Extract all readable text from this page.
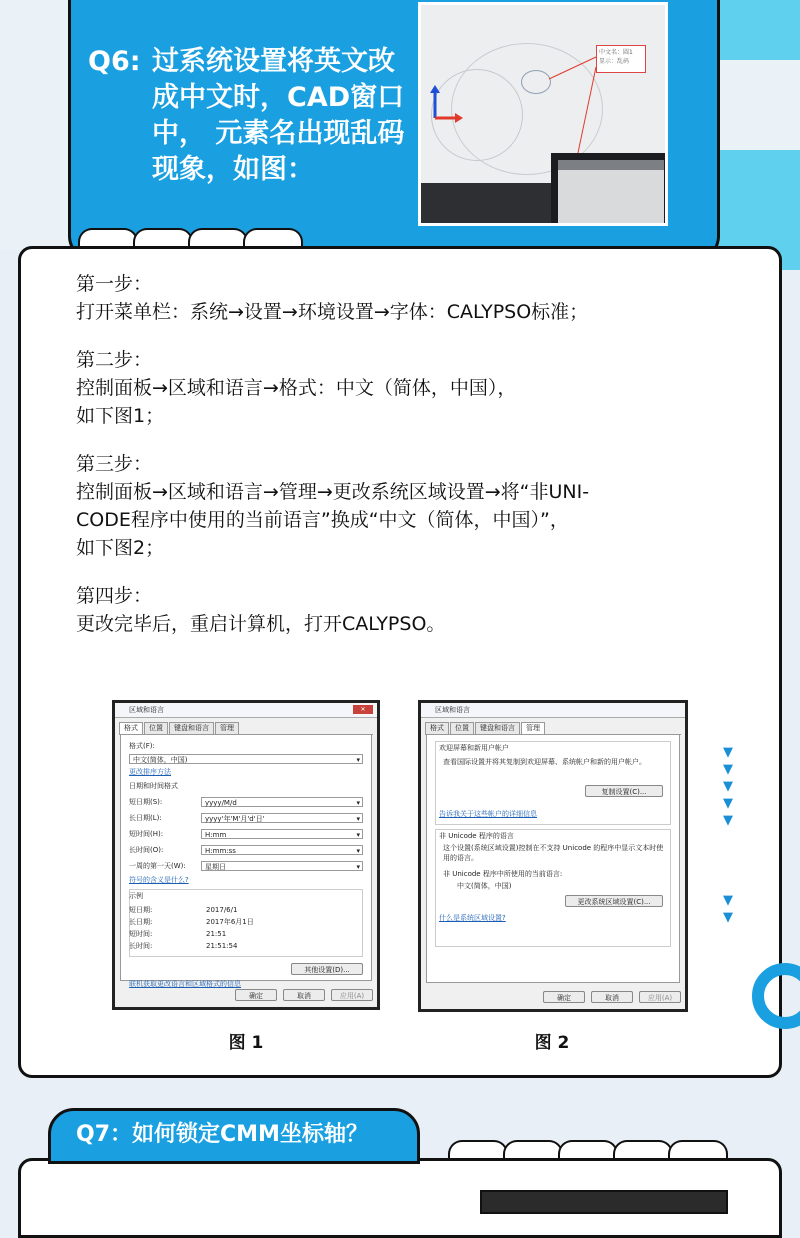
Q6: 过系统设置将英文改
成中文时，CAD窗口
中， 元素名出现乱码
现象，如图：
中文名：圆1
显示：乱码

第一步：
打开菜单栏：系统→设置→环境设置→字体：CALYPSO标准；

第二步：
控制面板→区域和语言→格式：中文（简体，中国），
如下图1；

第三步：
控制面板→区域和语言→管理→更改系统区域设置→将“非UNI-
CODE程序中使用的当前语言”换成“中文（简体，中国）”，
如下图2；

第四步：
更改完毕后，重启计算机，打开CALYPSO。

区域和语言	✕
格式	位置	键盘和语言	管理
格式(F):
中文(简体，中国) ▾
更改排序方法
日期和时间格式
短日期(S):	yyyy/M/d ▾
长日期(L):	yyyy'年'M'月'd'日' ▾
短时间(H):	H:mm ▾
长时间(O):	H:mm:ss ▾
一周的第一天(W):	星期日 ▾
符号的含义是什么?
示例
短日期:	2017/6/1
长日期:	2017年6月1日
短时间:	21:51
长时间:	21:51:54
其他设置(D)...
联机获取更改语言和区域格式的信息
确定	取消	应用(A)
区域和语言
格式	位置	键盘和语言	管理
欢迎屏幕和新用户帐户
查看国际设置并将其复制到欢迎屏幕、系统帐户和新的用户帐户。
复制设置(C)...
告诉我关于这些帐户的详细信息
非 Unicode 程序的语言
这个设置(系统区域设置)控制在不支持 Unicode 的程序中显示文本时使用的语言。
非 Unicode 程序中所使用的当前语言:
中文(简体，中国)
更改系统区域设置(C)...
什么是系统区域设置?
确定	取消	应用(A)
图 1	图 2
▼
▼
▼
▼
▼
▼
▼
Q7：如何锁定CMM坐标轴？
